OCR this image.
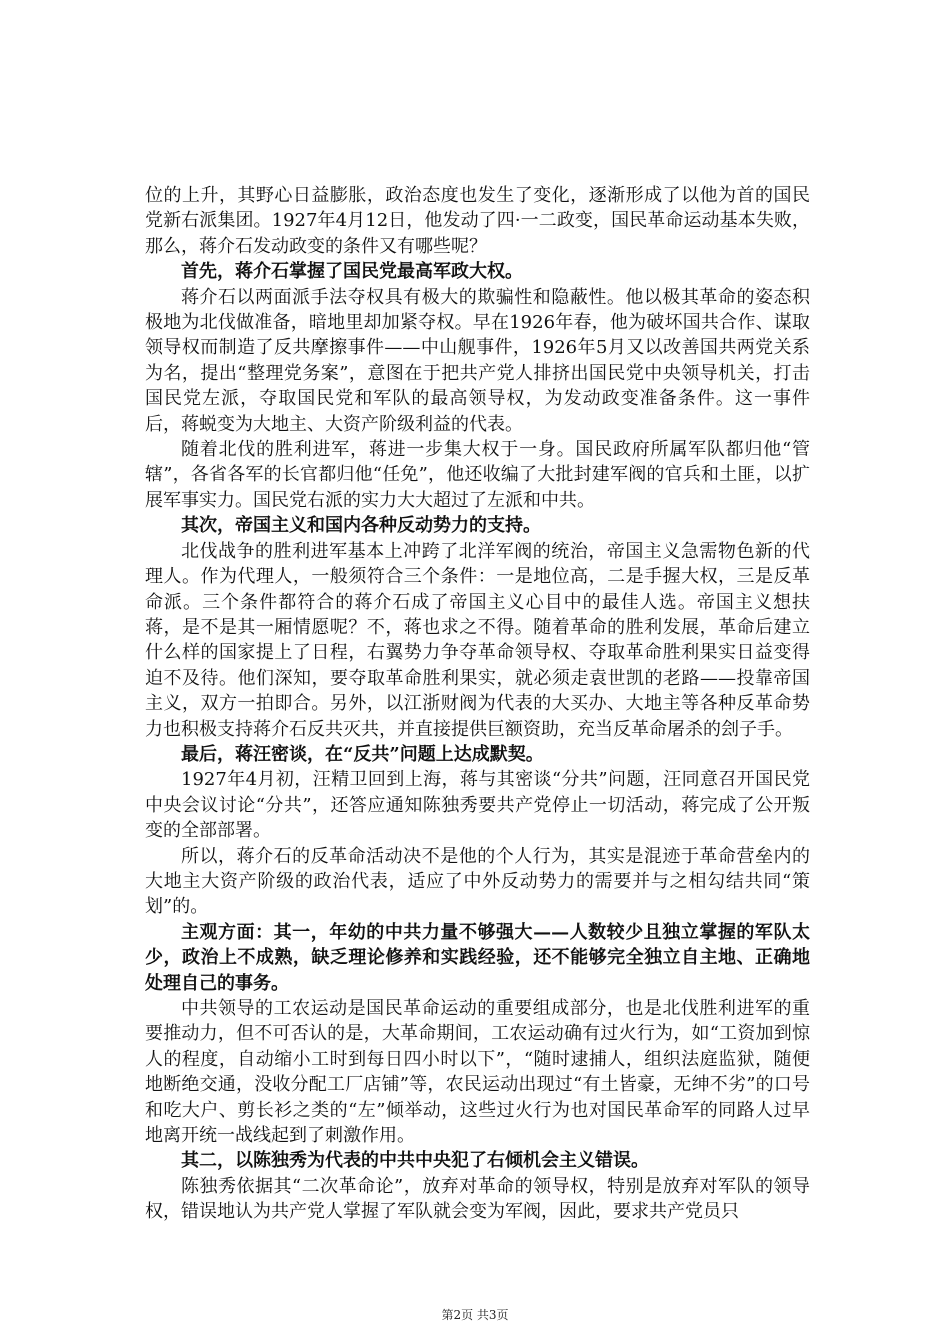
位的上升，其野心日益膨胀，政治态度也发生了变化，逐渐形成了以他为首的国民党新右派集团。1927年4月12日，他发动了四·一二政变，国民革命运动基本失败，那么，蒋介石发动政变的条件又有哪些呢？

首先，蒋介石掌握了国民党最高军政大权。

蒋介石以两面派手法夺权具有极大的欺骗性和隐蔽性。他以极其革命的姿态积极地为北伐做准备，暗地里却加紧夺权。早在1926年春，他为破坏国共合作、谋取领导权而制造了反共摩擦事件——中山舰事件，1926年5月又以改善国共两党关系为名，提出“整理党务案”，意图在于把共产党人排挤出国民党中央领导机关，打击国民党左派，夺取国民党和军队的最高领导权，为发动政变准备条件。这一事件后，蒋蜕变为大地主、大资产阶级利益的代表。

随着北伐的胜利进军，蒋进一步集大权于一身。国民政府所属军队都归他“管辖”，各省各军的长官都归他“任免”，他还收编了大批封建军阀的官兵和土匪，以扩展军事实力。国民党右派的实力大大超过了左派和中共。

其次，帝国主义和国内各种反动势力的支持。

北伐战争的胜利进军基本上冲跨了北洋军阀的统治，帝国主义急需物色新的代理人。作为代理人，一般须符合三个条件：一是地位高，二是手握大权，三是反革命派。三个条件都符合的蒋介石成了帝国主义心目中的最佳人选。帝国主义想扶蒋，是不是其一厢情愿呢？不，蒋也求之不得。随着革命的胜利发展，革命后建立什么样的国家提上了日程，右翼势力争夺革命领导权、夺取革命胜利果实日益变得迫不及待。他们深知，要夺取革命胜利果实，就必须走袁世凯的老路——投靠帝国主义，双方一拍即合。另外，以江浙财阀为代表的大买办、大地主等各种反革命势力也积极支持蒋介石反共灭共，并直接提供巨额资助，充当反革命屠杀的刽子手。

最后，蒋汪密谈，在“反共”问题上达成默契。

1927年4月初，汪精卫回到上海，蒋与其密谈“分共”问题，汪同意召开国民党中央会议讨论“分共”，还答应通知陈独秀要共产党停止一切活动，蒋完成了公开叛变的全部部署。

所以，蒋介石的反革命活动决不是他的个人行为，其实是混迹于革命营垒内的大地主大资产阶级的政治代表，适应了中外反动势力的需要并与之相勾结共同“策划”的。

主观方面：其一，年幼的中共力量不够强大——人数较少且独立掌握的军队太少，政治上不成熟，缺乏理论修养和实践经验，还不能够完全独立自主地、正确地处理自己的事务。

中共领导的工农运动是国民革命运动的重要组成部分，也是北伐胜利进军的重要推动力，但不可否认的是，大革命期间，工农运动确有过火行为，如“工资加到惊人的程度，自动缩小工时到每日四小时以下”，“随时逮捕人，组织法庭监狱，随便地断绝交通，没收分配工厂店铺”等，农民运动出现过“有土皆豪，无绅不劣”的口号和吃大户、剪长衫之类的“左”倾举动，这些过火行为也对国民革命军的同路人过早地离开统一战线起到了刺激作用。

其二，以陈独秀为代表的中共中央犯了右倾机会主义错误。

陈独秀依据其“二次革命论”，放弃对革命的领导权，特别是放弃对军队的领导权，错误地认为共产党人掌握了军队就会变为军阀，因此，要求共产党员只

第2页 共3页
